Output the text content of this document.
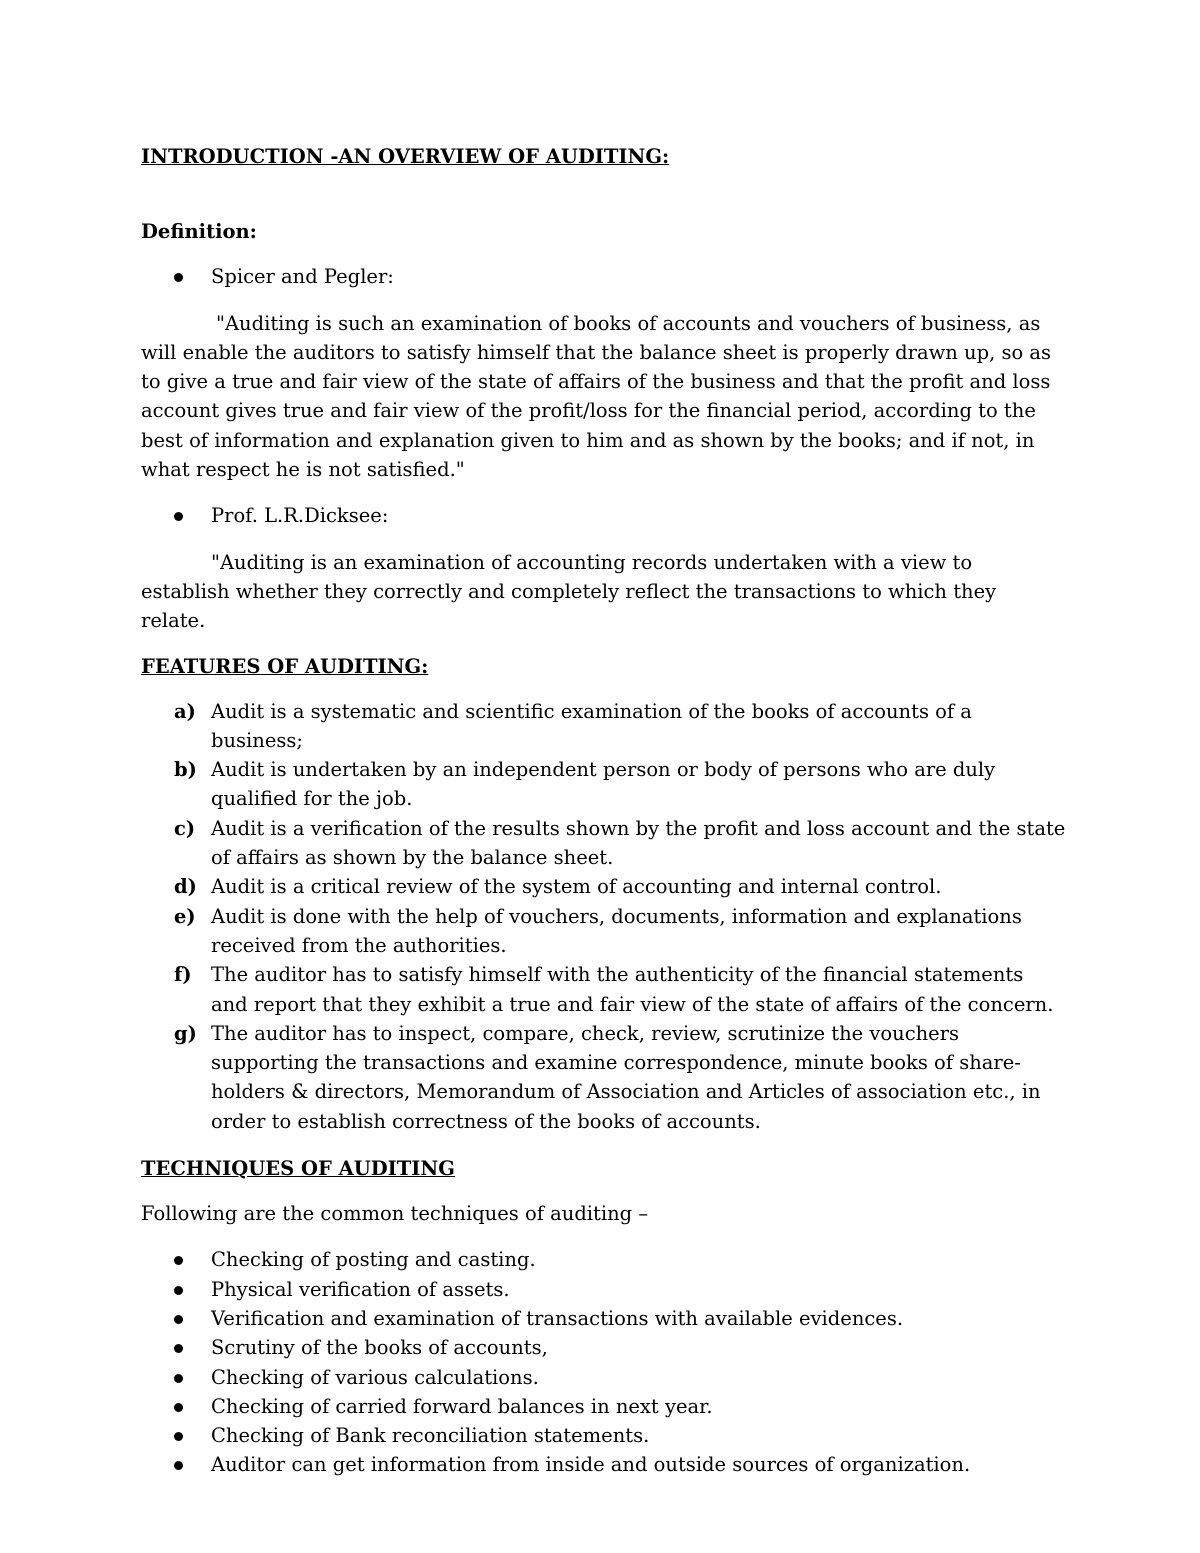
INTRODUCTION -AN OVERVIEW OF AUDITING:

Definition:

Spicer and Pegler:

"Auditing is such an examination of books of accounts and vouchers of business, as will enable the auditors to satisfy himself that the balance sheet is properly drawn up, so as to give a true and fair view of the state of affairs of the business and that the profit and loss account gives true and fair view of the profit/loss for the financial period, according to the best of information and explanation given to him and as shown by the books; and if not, in what respect he is not satisfied."

Prof. L.R.Dicksee:

"Auditing is an examination of accounting records undertaken with a view to establish whether they correctly and completely reflect the transactions to which they relate.

FEATURES OF AUDITING:

a) Audit is a systematic and scientific examination of the books of accounts of a business;
b) Audit is undertaken by an independent person or body of persons who are duly qualified for the job.
c) Audit is a verification of the results shown by the profit and loss account and the state of affairs as shown by the balance sheet.
d) Audit is a critical review of the system of accounting and internal control.
e) Audit is done with the help of vouchers, documents, information and explanations received from the authorities.
f) The auditor has to satisfy himself with the authenticity of the financial statements and report that they exhibit a true and fair view of the state of affairs of the concern.
g) The auditor has to inspect, compare, check, review, scrutinize the vouchers supporting the transactions and examine correspondence, minute books of share-holders & directors, Memorandum of Association and Articles of association etc., in order to establish correctness of the books of accounts.

TECHNIQUES OF AUDITING

Following are the common techniques of auditing –

Checking of posting and casting.
Physical verification of assets.
Verification and examination of transactions with available evidences.
Scrutiny of the books of accounts,
Checking of various calculations.
Checking of carried forward balances in next year.
Checking of Bank reconciliation statements.
Auditor can get information from inside and outside sources of organization.
